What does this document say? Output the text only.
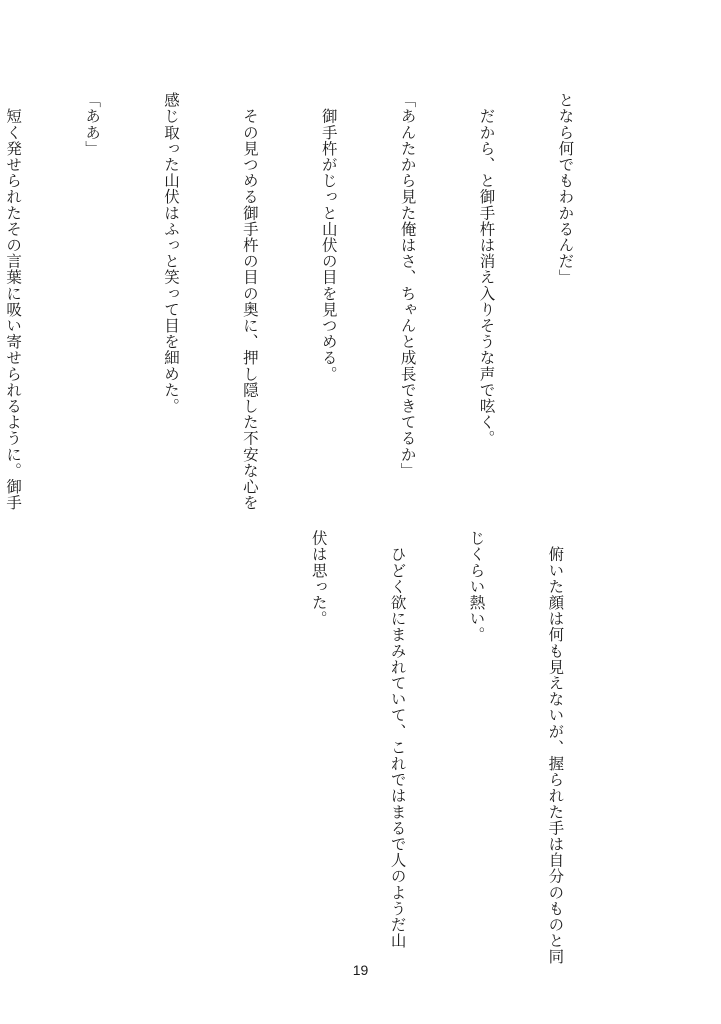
となら何でもわかるんだ」

　だから、と御手杵は消え入りそうな声で呟く。

「あんたから見た俺はさ、ちゃんと成長できてるか」

　御手杵がじっと山伏の目を見つめる。

　その見つめる御手杵の目の奥に、押し隠した不安な心を

感じ取った山伏はふっと笑って目を細めた。

「ああ」

　短く発せられたその言葉に吸い寄せられるように。御手

　俯いた顔は何も見えないが、握られた手は自分のものと同

じくらい熱い。

　ひどく欲にまみれていて、これではまるで人のようだ山

伏は思った。

19
